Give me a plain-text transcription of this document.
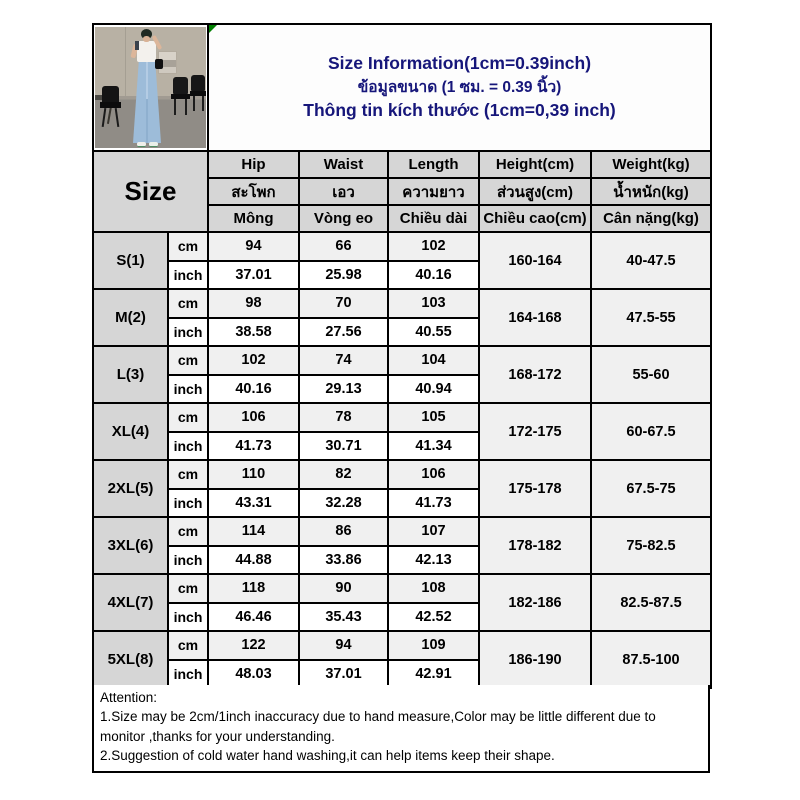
		Size Information(1cm=0.39inch)
ข้อมูลขนาด (1 ซม. = 0.39 นิ้ว)
Thông tin kích thước (1cm=0,39 inch)				

Size		Hip	Waist	Length	Height(cm)	Weight(kg)
		สะโพก	เอว	ความยาว	ส่วนสูง(cm)	น้ำหนัก(kg)
		Mông	Vòng eo	Chiều dài	Chiều cao(cm)	Cân nặng(kg)
S(1)	cm	94	66	102	160-164	40-47.5
	inch	37.01	25.98	40.16		
M(2)	cm	98	70	103	164-168	47.5-55
	inch	38.58	27.56	40.55		
L(3)	cm	102	74	104	168-172	55-60
	inch	40.16	29.13	40.94		
XL(4)	cm	106	78	105	172-175	60-67.5
	inch	41.73	30.71	41.34		
2XL(5)	cm	110	82	106	175-178	67.5-75
	inch	43.31	32.28	41.73		
3XL(6)	cm	114	86	107	178-182	75-82.5
	inch	44.88	33.86	42.13		
4XL(7)	cm	118	90	108	182-186	82.5-87.5
	inch	46.46	35.43	42.52		
5XL(8)	cm	122	94	109	186-190	87.5-100
	inch	48.03	37.01	42.91		

Attention:

1.Size may be 2cm/1inch inaccuracy due to hand measure,Color may be little different due to monitor ,thanks for your understanding.

2.Suggestion of cold water hand washing,it can help items keep their shape.
